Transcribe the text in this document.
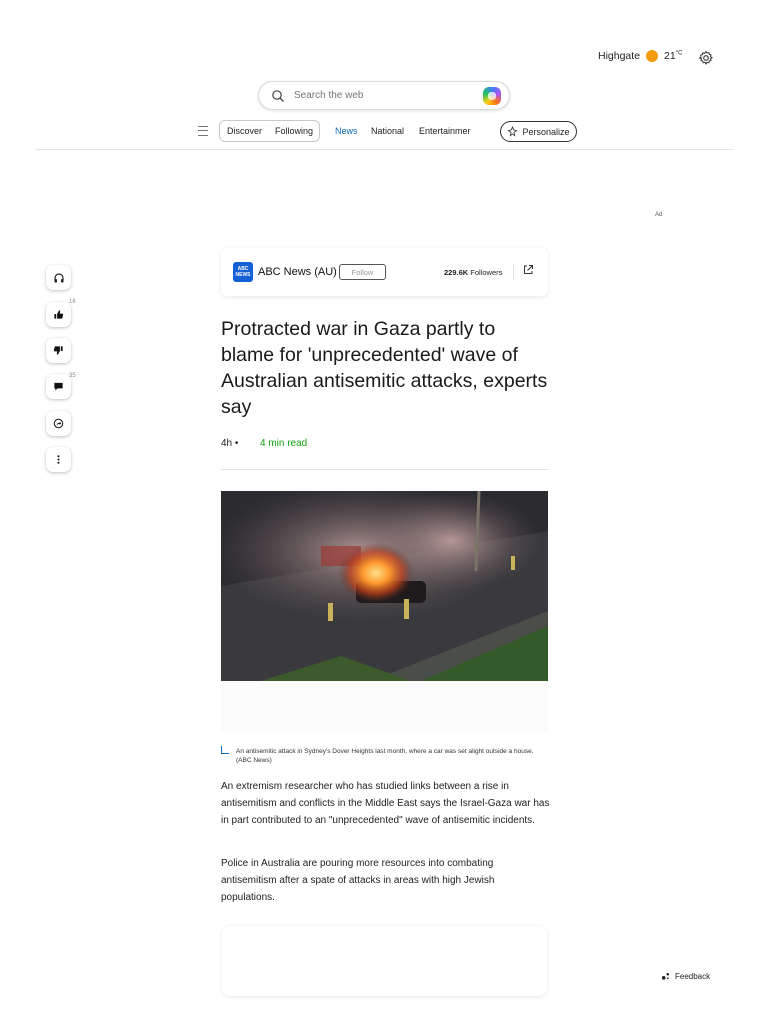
Highgate $21^{^\circ C}$
Search the web
Discover Following News National Entertainmer	Personalize
Ad
16
35
ABC
NEWS ABC News (AU)	Follow	229.6K Followers
Protracted war in Gaza partly to blame for 'unprecedented' wave of Australian antisemitic attacks, experts say
4h • 4 min read
An antisemitic attack in Sydney's Dover Heights last month, where a car was set alight outside a house. (ABC News)

An extremism researcher who has studied links between a rise in antisemitism and conflicts in the Middle East says the Israel-Gaza war has in part contributed to an "unprecedented" wave of antisemitic incidents.

Police in Australia are pouring more resources into combating antisemitism after a spate of attacks in areas with high Jewish populations.

Feedback
